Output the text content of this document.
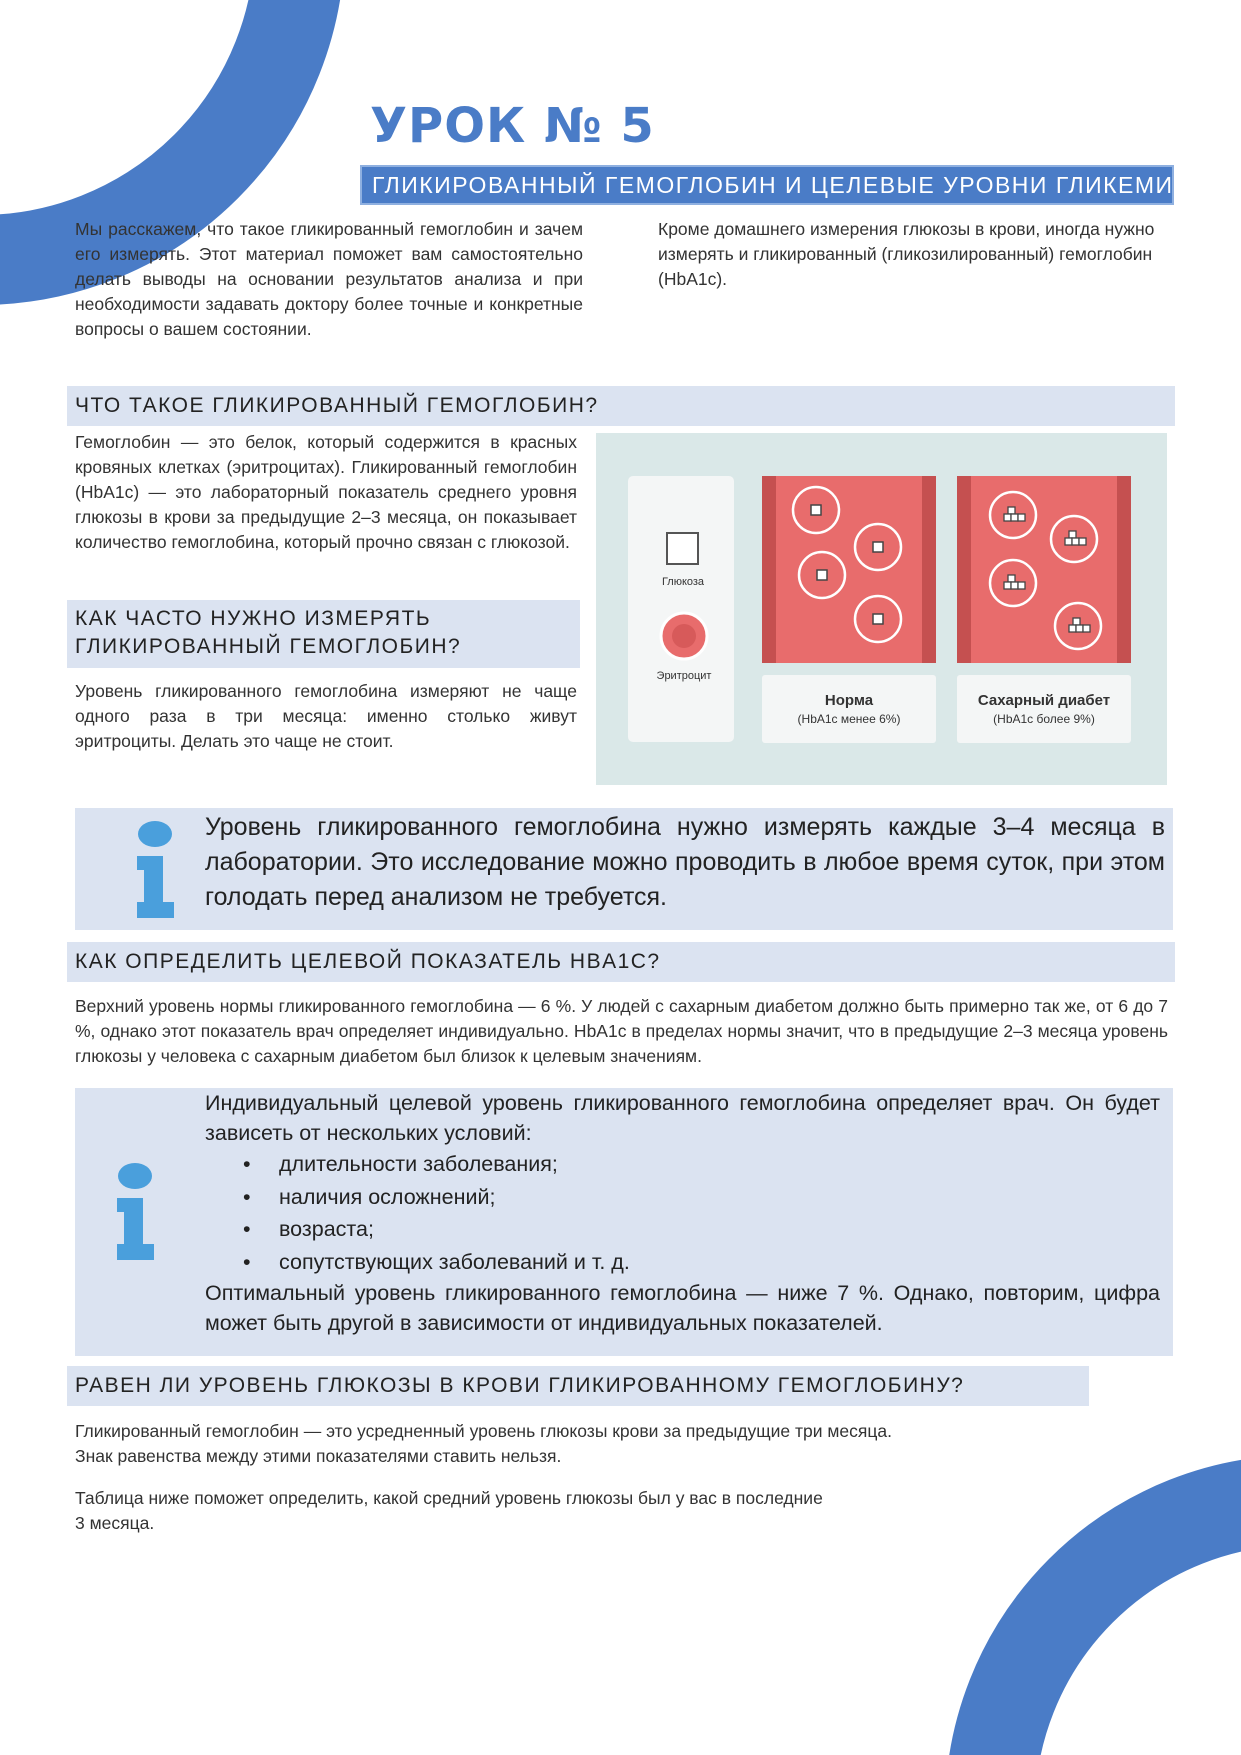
УРОК № 5
ГЛИКИРОВАННЫЙ ГЕМОГЛОБИН И ЦЕЛЕВЫЕ УРОВНИ ГЛИКЕМИИ

Мы расскажем, что такое гликированный гемоглобин и зачем его измерять. Этот материал поможет вам самостоятельно делать выводы на основании результатов анализа и при необходимости задавать доктору более точные и конкретные вопросы о вашем состоянии.

Кроме домашнего измерения глюкозы в крови, иногда нужно измерять и гликированный (гликозилированный) гемоглобин (HbA1c).

ЧТО ТАКОЕ ГЛИКИРОВАННЫЙ ГЕМОГЛОБИН?

Гемоглобин — это белок, который содержится в красных кровяных клетках (эритроцитах). Гликированный гемоглобин (HbA1c) — это лабораторный показатель среднего уровня глюкозы в крови за предыдущие 2–3 месяца, он показывает количество гемоглобина, который прочно связан с глюкозой.

КАК ЧАСТО НУЖНО ИЗМЕРЯТЬ
ГЛИКИРОВАННЫЙ ГЕМОГЛОБИН?

Уровень гликированного гемоглобина измеряют не чаще одного раза в три месяца: именно столько живут эритроциты. Делать это чаще не стоит.

Глюкоза
Эритроцит
Норма
(HbA1c менее 6%)
Сахарный диабет
(HbA1c более 9%)
Уровень гликированного гемоглобина нужно измерять каждые 3–4 месяца в лаборатории. Это исследование можно проводить в любое время суток, при этом голодать перед анализом не требуется.
КАК ОПРЕДЕЛИТЬ ЦЕЛЕВОЙ ПОКАЗАТЕЛЬ HBA1C?

Верхний уровень нормы гликированного гемоглобина — 6 %. У людей с сахарным диабетом должно быть примерно так же, от 6 до 7 %, однако этот показатель врач определяет индивидуально. HbA1c в пределах нормы значит, что в предыдущие 2–3 месяца уровень глюкозы у человека с сахарным диабетом был близок к целевым значениям.

Индивидуальный целевой уровень гликированного гемоглобина определяет врач. Он будет зависеть от нескольких условий:
• длительности заболевания;
• наличия осложнений;
• возраста;
• сопутствующих заболеваний и т. д.
Оптимальный уровень гликированного гемоглобина — ниже 7 %. Однако, повторим, цифра может быть другой в зависимости от индивидуальных показателей.
РАВЕН ЛИ УРОВЕНЬ ГЛЮКОЗЫ В КРОВИ ГЛИКИРОВАННОМУ ГЕМОГЛОБИНУ?
Гликированный гемоглобин — это усредненный уровень глюкозы крови за предыдущие три месяца.
Знак равенства между этими показателями ставить нельзя.
Таблица ниже поможет определить, какой средний уровень глюкозы был у вас в последние
3 месяца.
